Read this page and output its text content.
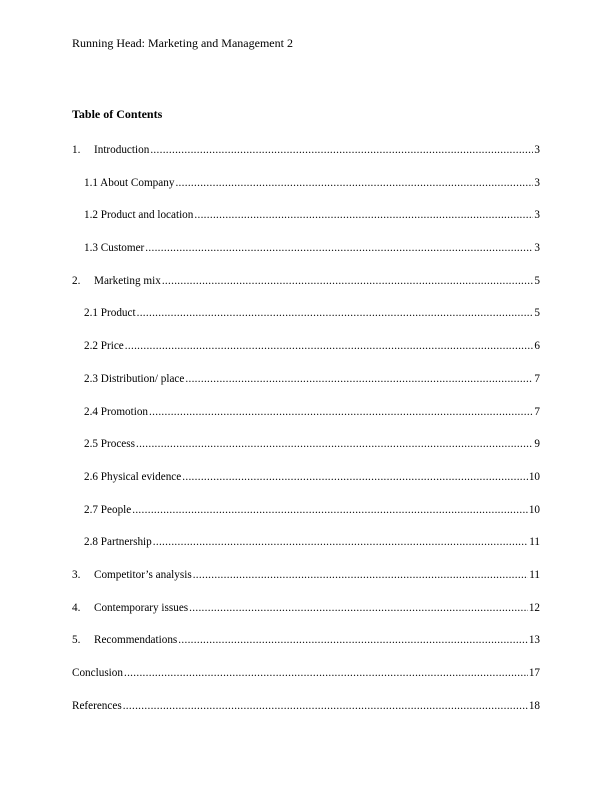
Running Head: Marketing and Management 2
Table of Contents
1.	Introduction .....	3
1.1 About Company .....	3
1.2 Product and location .....	3
1.3 Customer .....	3
2.	Marketing mix .....	5
2.1 Product .....	5
2.2 Price .....	6
2.3 Distribution/ place .....	7
2.4 Promotion .....	7
2.5 Process .....	9
2.6 Physical evidence .....	10
2.7 People .....	10
2.8 Partnership .....	11
3.	Competitor’s analysis .....	11
4.	Contemporary issues .....	12
5.	Recommendations .....	13
Conclusion .....	17
References .....	18
